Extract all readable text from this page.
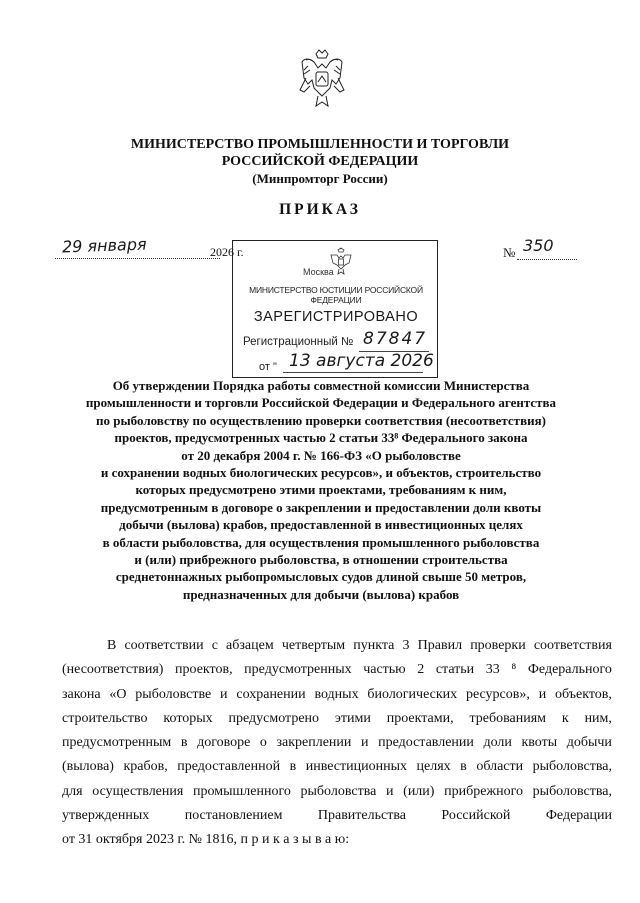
МИНИСТЕРСТВО ПРОМЫШЛЕННОСТИ И ТОРГОВЛИ
РОССИЙСКОЙ ФЕДЕРАЦИИ
(Минпромторг России)
ПРИКАЗ
29 января	2026 г.	№ 350
Москва
МИНИСТЕРСТВО ЮСТИЦИИ РОССИЙСКОЙ ФЕДЕРАЦИИ
ЗАРЕГИСТРИРОВАНО
Регистрационный № 87847
от " 13 августа 2026
Об утверждении Порядка работы совместной комиссии Министерства
промышленности и торговли Российской Федерации и Федерального агентства
по рыболовству по осуществлению проверки соответствия (несоответствия)
проектов, предусмотренных частью 2 статьи 33⁸ Федерального закона
от 20 декабря 2004 г. № 166-ФЗ «О рыболовстве
и сохранении водных биологических ресурсов», и объектов, строительство
которых предусмотрено этими проектами, требованиям к ним,
предусмотренным в договоре о закреплении и предоставлении доли квоты
добычи (вылова) крабов, предоставленной в инвестиционных целях
в области рыболовства, для осуществления промышленного рыболовства
и (или) прибрежного рыболовства, в отношении строительства
среднетоннажных рыбопромысловых судов длиной свыше 50 метров,
предназначенных для добычи (вылова) крабов
В соответствии с абзацем четвертым пункта 3 Правил проверки соответствия
(несоответствия) проектов, предусмотренных частью 2 статьи 33 ⁸ Федерального
закона «О рыболовстве и сохранении водных биологических ресурсов», и объектов,
строительство которых предусмотрено этими проектами, требованиям к ним,
предусмотренным в договоре о закреплении и предоставлении доли квоты добычи
(вылова) крабов, предоставленной в инвестиционных целях в области рыболовства,
для осуществления промышленного рыболовства и (или) прибрежного рыболовства,
утвержденных	постановлением	Правительства	Российской	Федерации
от 31 октября 2023 г. № 1816, п р и к а з ы в а ю:
